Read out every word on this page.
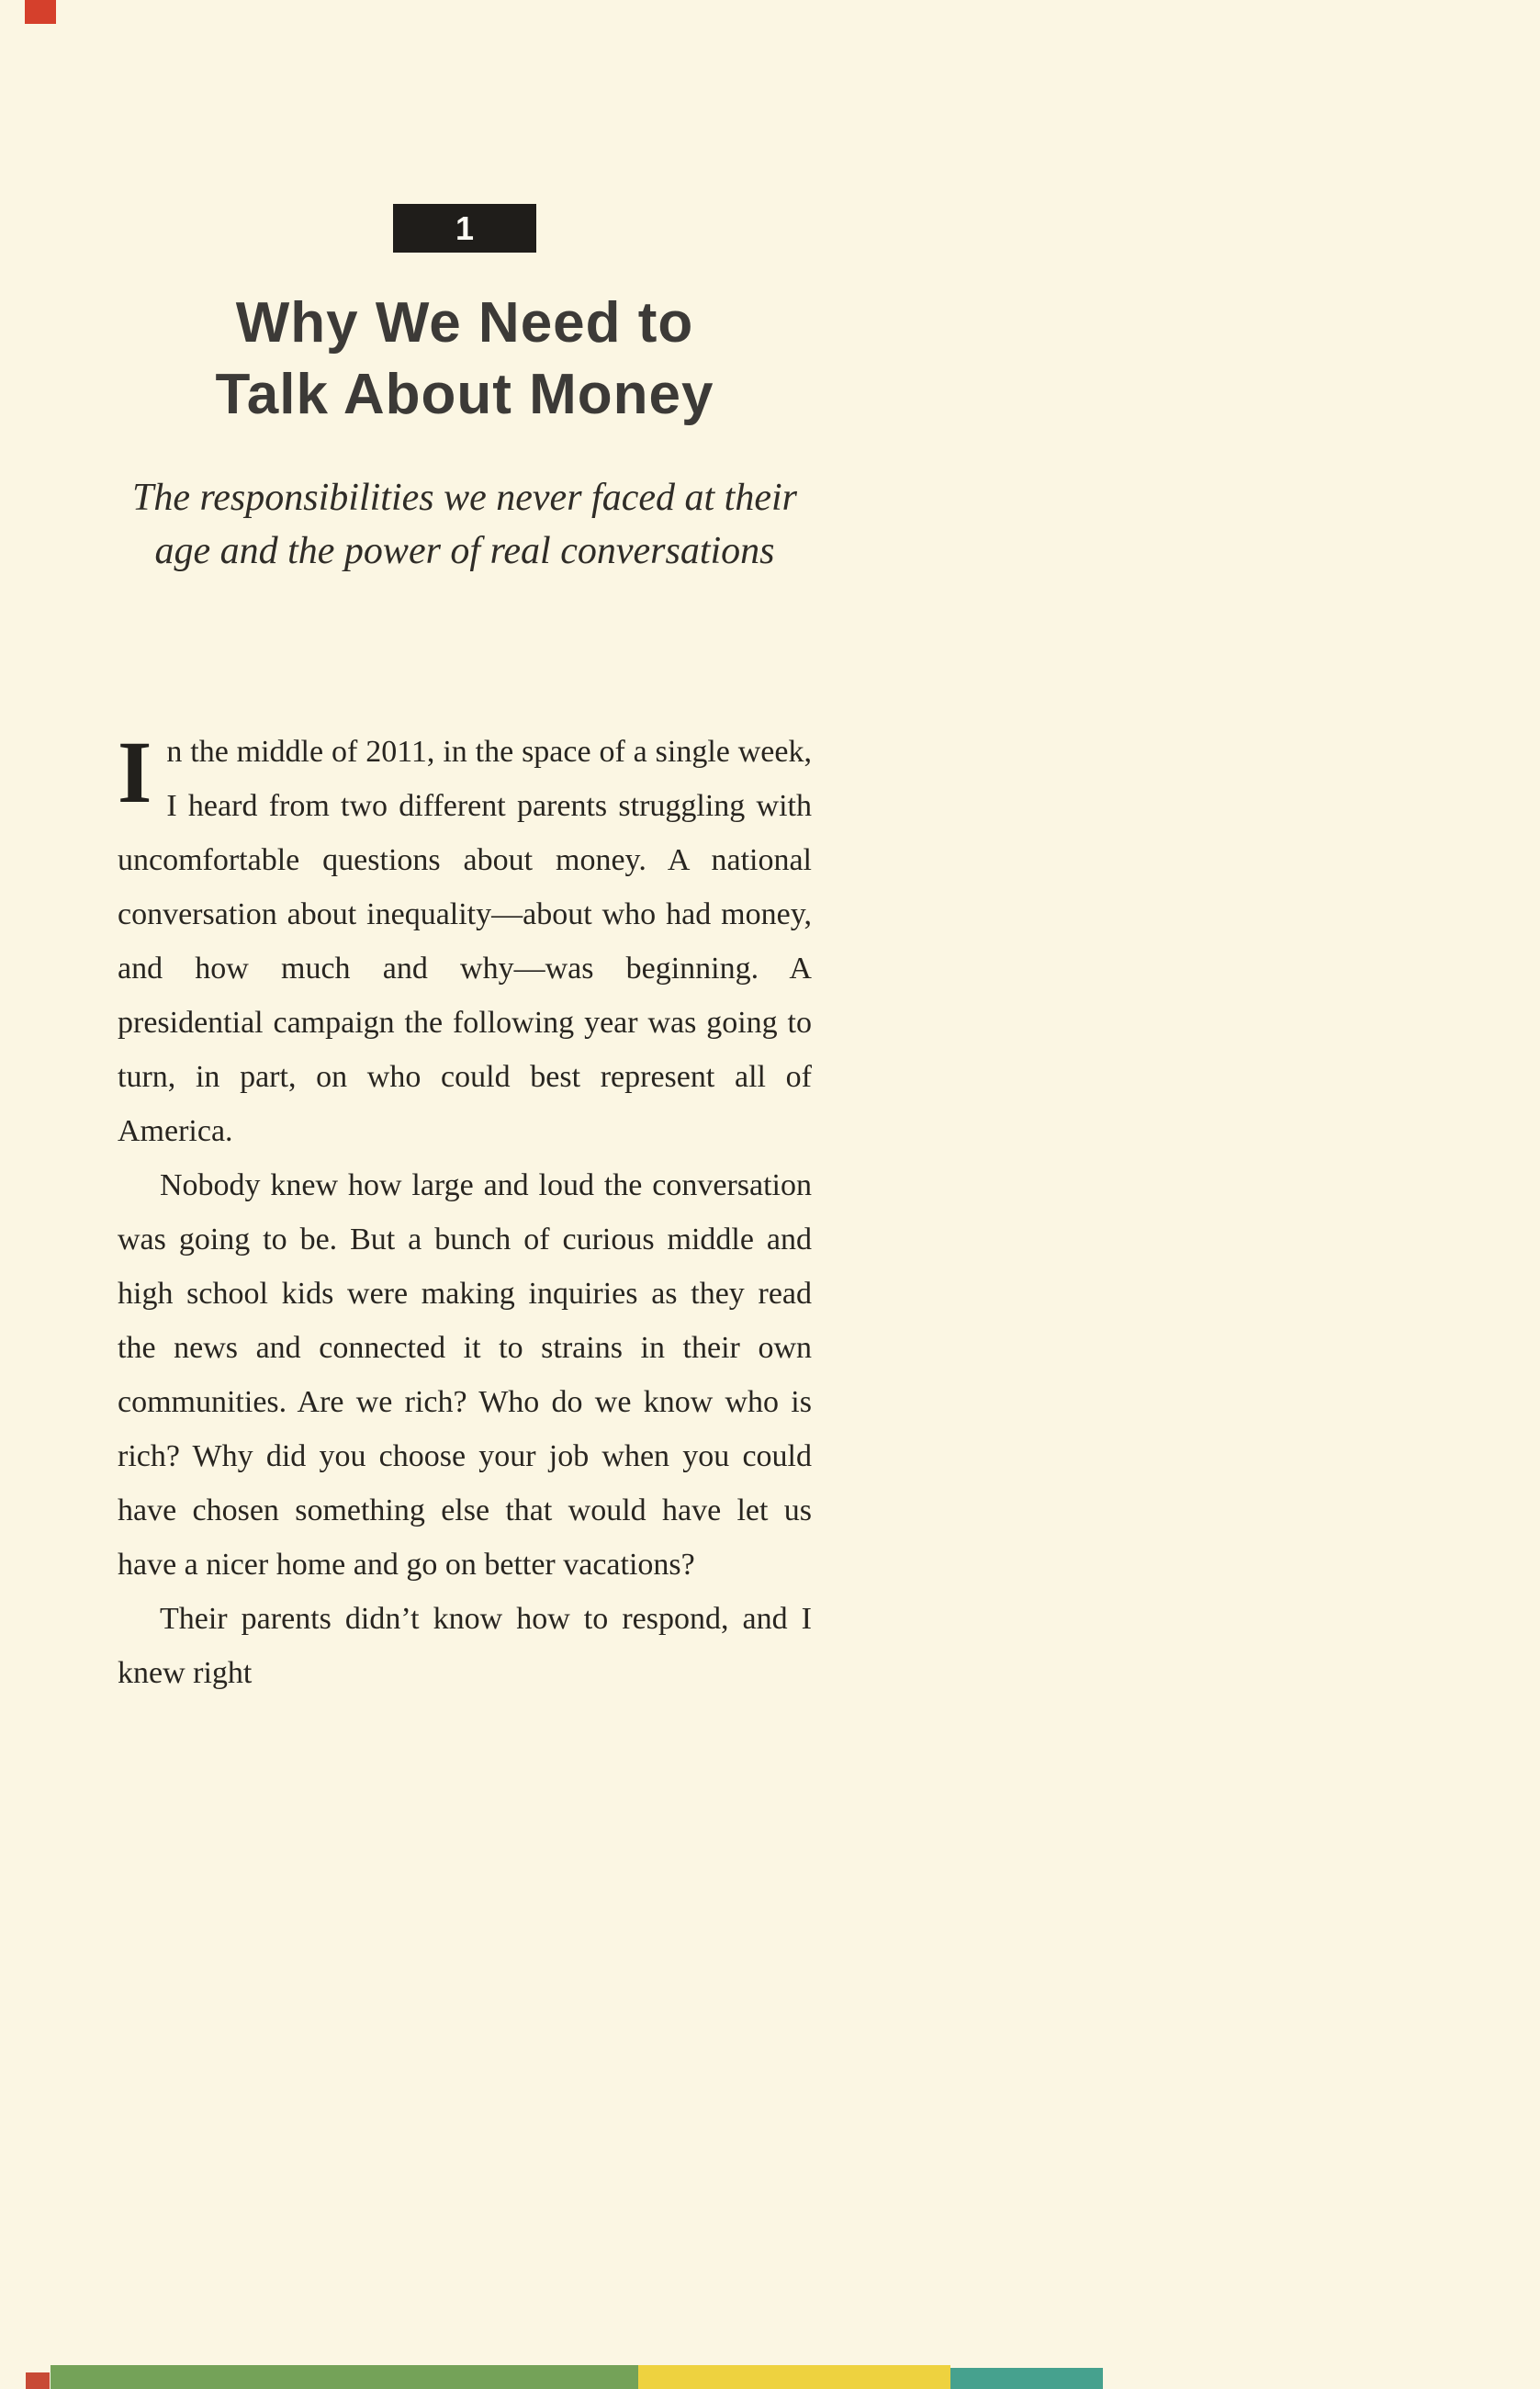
1
Why We Need to
Talk About Money
The responsibilities we never faced at their
age and the power of real conversations

In the middle of 2011, in the space of a single week, I heard from two different parents struggling with uncomfortable questions about money. A national conversation about inequality—about who had money, and how much and why—was beginning. A presidential campaign the following year was going to turn, in part, on who could best represent all of America.

Nobody knew how large and loud the conversation was going to be. But a bunch of curious middle and high school kids were making inquiries as they read the news and connected it to strains in their own communities. Are we rich? Who do we know who is rich? Why did you choose your job when you could have chosen something else that would have let us have a nicer home and go on better vacations?

Their parents didn’t know how to respond, and I knew right
